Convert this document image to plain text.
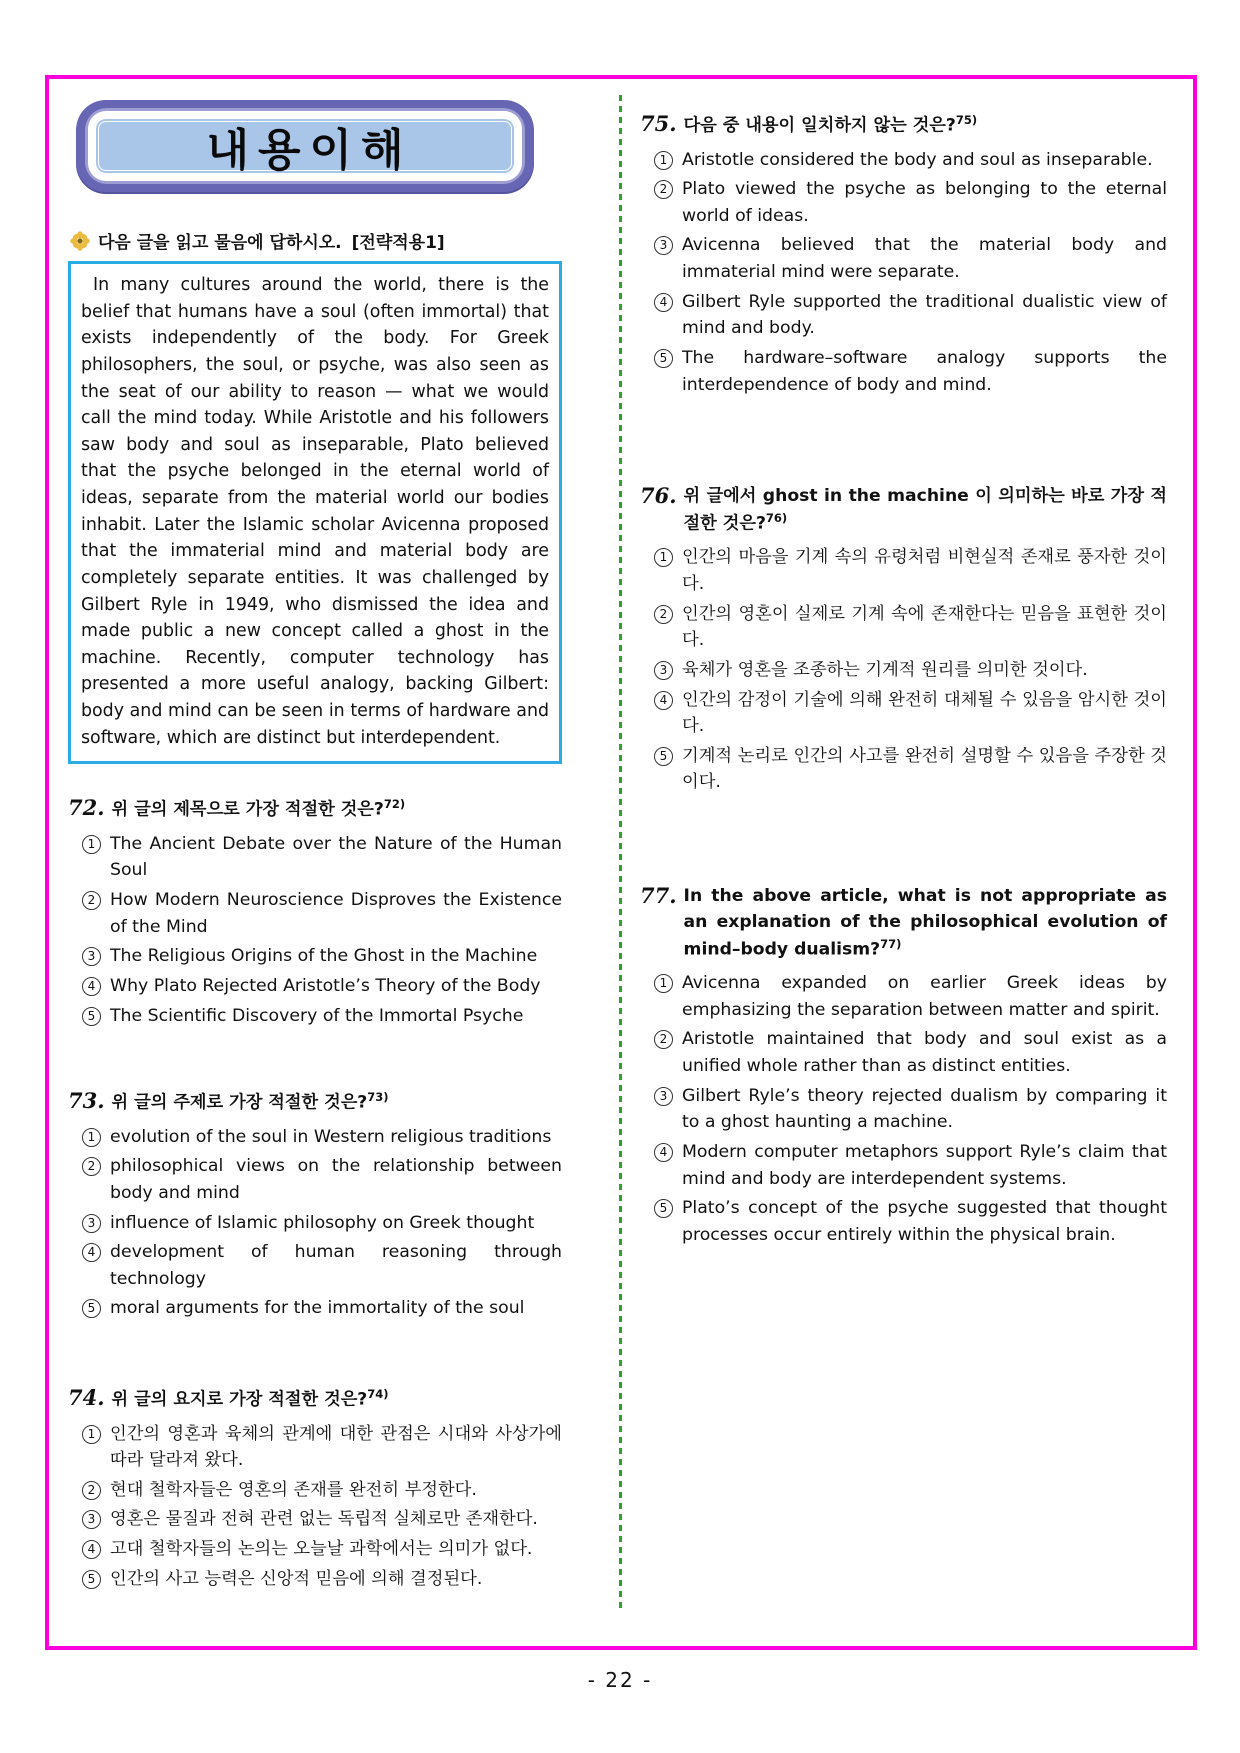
내용이해
다음 글을 읽고 물음에 답하시오. [전략적용1]
In many cultures around the world, there is the belief that humans have a soul (often immortal) that exists independently of the body. For Greek philosophers, the soul, or psyche, was also seen as the seat of our ability to reason — what we would call the mind today. While Aristotle and his followers saw body and soul as inseparable, Plato believed that the psyche belonged in the eternal world of ideas, separate from the material world our bodies inhabit. Later the Islamic scholar Avicenna proposed that the immaterial mind and material body are completely separate entities. It was challenged by Gilbert Ryle in 1949, who dismissed the idea and made public a new concept called a ghost in the machine. Recently, computer technology has presented a more useful analogy, backing Gilbert: body and mind can be seen in terms of hardware and software, which are distinct but interdependent.
72. 위 글의 제목으로 가장 적절한 것은?$^{72)}$
1 The Ancient Debate over the Nature of the Human Soul
2 How Modern Neuroscience Disproves the Existence of the Mind
3 The Religious Origins of the Ghost in the Machine
4 Why Plato Rejected Aristotle’s Theory of the Body
5 The Scientific Discovery of the Immortal Psyche
73. 위 글의 주제로 가장 적절한 것은?$^{73)}$
1 evolution of the soul in Western religious traditions
2 philosophical views on the relationship between body and mind
3 influence of Islamic philosophy on Greek thought
4 development of human reasoning through technology
5 moral arguments for the immortality of the soul
74. 위 글의 요지로 가장 적절한 것은?$^{74)}$
1 인간의 영혼과 육체의 관계에 대한 관점은 시대와 사상가에 따라 달라져 왔다.
2 현대 철학자들은 영혼의 존재를 완전히 부정한다.
3 영혼은 물질과 전혀 관련 없는 독립적 실체로만 존재한다.
4 고대 철학자들의 논의는 오늘날 과학에서는 의미가 없다.
5 인간의 사고 능력은 신앙적 믿음에 의해 결정된다.
75. 다음 중 내용이 일치하지 않는 것은?$^{75)}$
1 Aristotle considered the body and soul as inseparable.
2 Plato viewed the psyche as belonging to the eternal world of ideas.
3 Avicenna believed that the material body and immaterial mind were separate.
4 Gilbert Ryle supported the traditional dualistic view of mind and body.
5 The hardware–software analogy supports the interdependence of body and mind.
76. 위 글에서 ghost in the machine 이 의미하는 바로 가장 적절한 것은?$^{76)}$
1 인간의 마음을 기계 속의 유령처럼 비현실적 존재로 풍자한 것이다.
2 인간의 영혼이 실제로 기계 속에 존재한다는 믿음을 표현한 것이다.
3 육체가 영혼을 조종하는 기계적 원리를 의미한 것이다.
4 인간의 감정이 기술에 의해 완전히 대체될 수 있음을 암시한 것이다.
5 기계적 논리로 인간의 사고를 완전히 설명할 수 있음을 주장한 것이다.
77. In the above article, what is not appropriate as an explanation of the philosophical evolution of mind–body dualism?$^{77)}$
1 Avicenna expanded on earlier Greek ideas by emphasizing the separation between matter and spirit.
2 Aristotle maintained that body and soul exist as a unified whole rather than as distinct entities.
3 Gilbert Ryle’s theory rejected dualism by comparing it to a ghost haunting a machine.
4 Modern computer metaphors support Ryle’s claim that mind and body are interdependent systems.
5 Plato’s concept of the psyche suggested that thought processes occur entirely within the physical brain.
- 22 -
